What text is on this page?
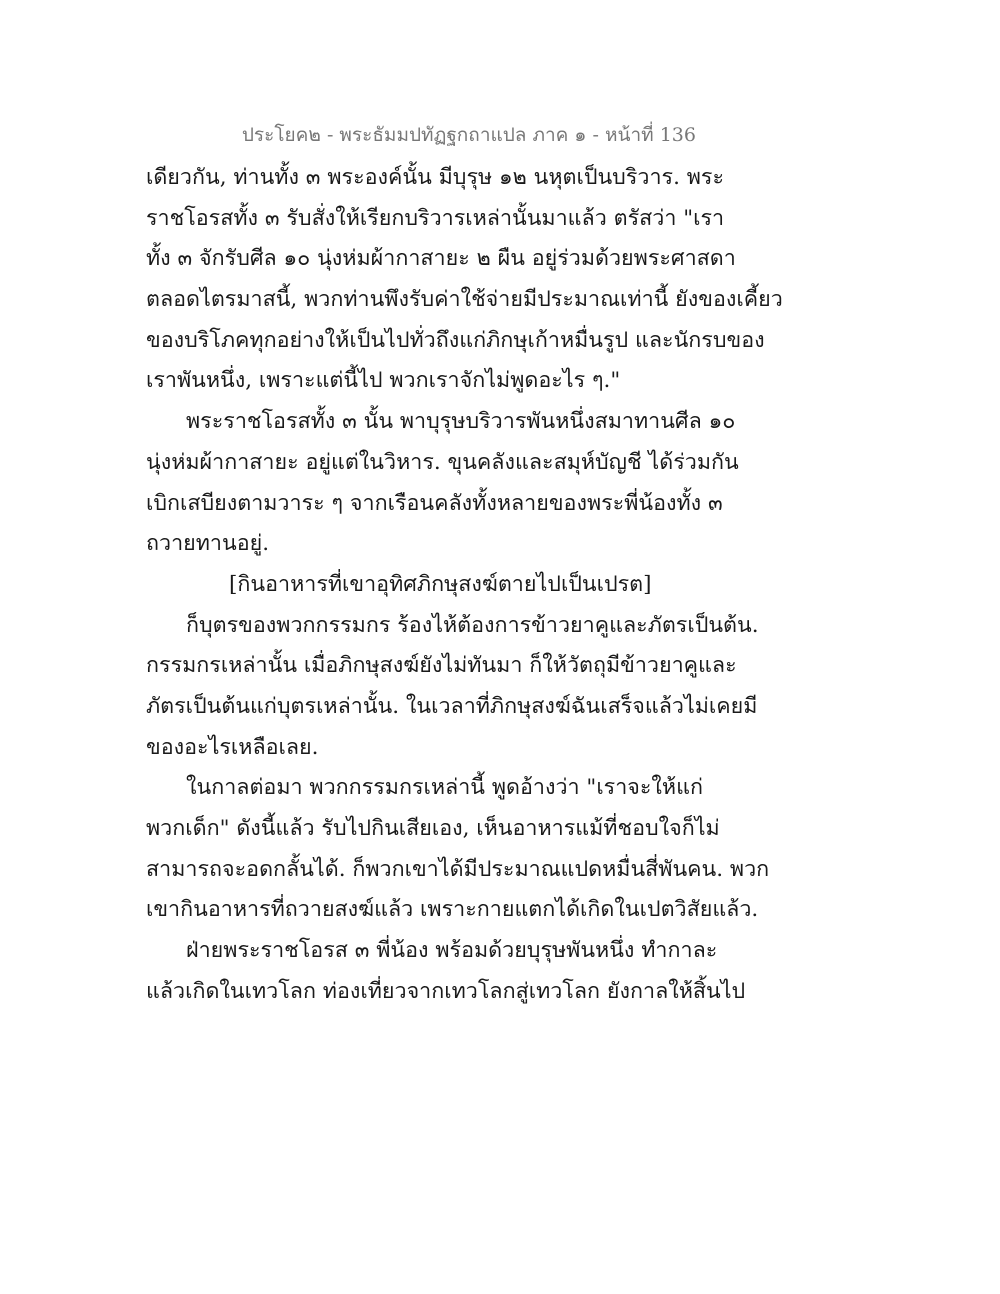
ประโยค๒ - พระธัมมปทัฏฐกถาแปล ภาค ๑ - หน้าที่ 136
เดียวกัน, ท่านทั้ง ๓ พระองค์นั้น มีบุรุษ ๑๒ นหุตเป็นบริวาร. พระ
ราชโอรสทั้ง ๓ รับสั่งให้เรียกบริวารเหล่านั้นมาแล้ว ตรัสว่า "เรา
ทั้ง ๓ จักรับศีล ๑๐ นุ่งห่มผ้ากาสายะ ๒ ผืน อยู่ร่วมด้วยพระศาสดา
ตลอดไตรมาสนี้, พวกท่านพึงรับค่าใช้จ่ายมีประมาณเท่านี้ ยังของเคี้ยว
ของบริโภคทุกอย่างให้เป็นไปทั่วถึงแก่ภิกษุเก้าหมื่นรูป และนักรบของ
เราพันหนึ่ง, เพราะแต่นี้ไป พวกเราจักไม่พูดอะไร ๆ."
พระราชโอรสทั้ง ๓ นั้น พาบุรุษบริวารพันหนึ่งสมาทานศีล ๑๐
นุ่งห่มผ้ากาสายะ อยู่แต่ในวิหาร. ขุนคลังและสมุห์บัญชี ได้ร่วมกัน
เบิกเสบียงตามวาระ ๆ จากเรือนคลังทั้งหลายของพระพี่น้องทั้ง ๓
ถวายทานอยู่.
[กินอาหารที่เขาอุทิศภิกษุสงฆ์ตายไปเป็นเปรต]
ก็บุตรของพวกกรรมกร ร้องไห้ต้องการข้าวยาคูและภัตรเป็นต้น.
กรรมกรเหล่านั้น เมื่อภิกษุสงฆ์ยังไม่ทันมา ก็ให้วัตถุมีข้าวยาคูและ
ภัตรเป็นต้นแก่บุตรเหล่านั้น. ในเวลาที่ภิกษุสงฆ์ฉันเสร็จแล้วไม่เคยมี
ของอะไรเหลือเลย.
ในกาลต่อมา พวกกรรมกรเหล่านี้ พูดอ้างว่า "เราจะให้แก่
พวกเด็ก" ดังนี้แล้ว รับไปกินเสียเอง, เห็นอาหารแม้ที่ชอบใจก็ไม่
สามารถจะอดกลั้นได้. ก็พวกเขาได้มีประมาณแปดหมื่นสี่พันคน. พวก
เขากินอาหารที่ถวายสงฆ์แล้ว เพราะกายแตกได้เกิดในเปตวิสัยแล้ว.
ฝ่ายพระราชโอรส ๓ พี่น้อง พร้อมด้วยบุรุษพันหนึ่ง ทำกาละ
แล้วเกิดในเทวโลก ท่องเที่ยวจากเทวโลกสู่เทวโลก ยังกาลให้สิ้นไป
